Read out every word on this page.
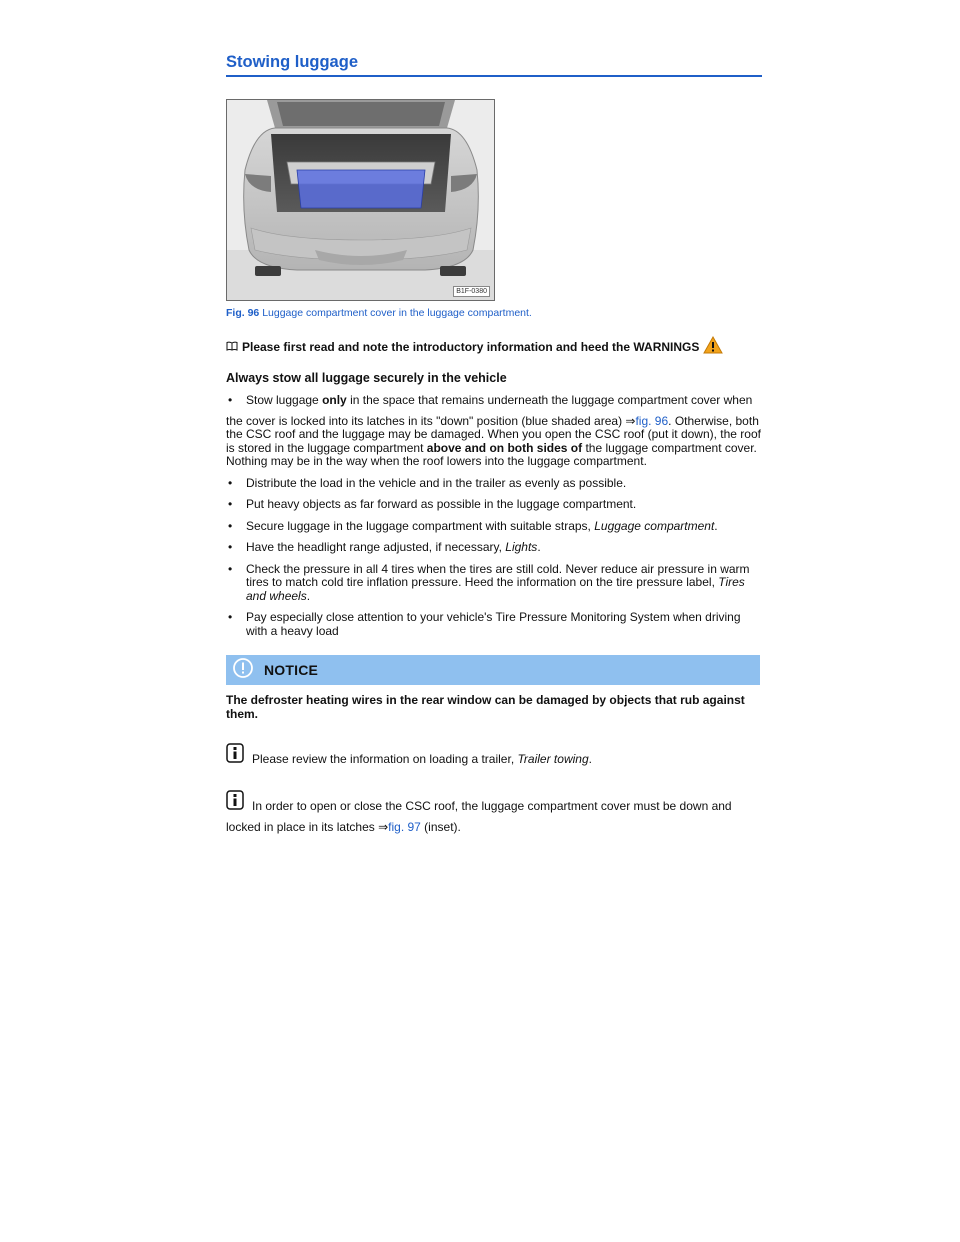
Stowing luggage
B1F-0380
Fig. 96 Luggage compartment cover in the luggage compartment.
Please first read and note the introductory information and heed the WARNINGS
Always stow all luggage securely in the vehicle
•	Stow luggage only in the space that remains underneath the luggage compartment cover when
the cover is locked into its latches in its "down" position (blue shaded area) ⇒fig. 96. Otherwise, both the CSC roof and the luggage may be damaged. When you open the CSC roof (put it down), the roof is stored in the luggage compartment above and on both sides of the luggage compartment cover. Nothing may be in the way when the roof lowers into the luggage compartment.
•	Distribute the load in the vehicle and in the trailer as evenly as possible.
•	Put heavy objects as far forward as possible in the luggage compartment.
•	Secure luggage in the luggage compartment with suitable straps, Luggage compartment.
•	Have the headlight range adjusted, if necessary, Lights.
•	Check the pressure in all 4 tires when the tires are still cold. Never reduce air pressure in warm tires to match cold tire inflation pressure. Heed the information on the tire pressure label, Tires and wheels.
•	Pay especially close attention to your vehicle's Tire Pressure Monitoring System when driving with a heavy load
NOTICE
The defroster heating wires in the rear window can be damaged by objects that rub against them.
Please review the information on loading a trailer, Trailer towing.
In order to open or close the CSC roof, the luggage compartment cover must be down and
locked in place in its latches ⇒fig. 97 (inset).
